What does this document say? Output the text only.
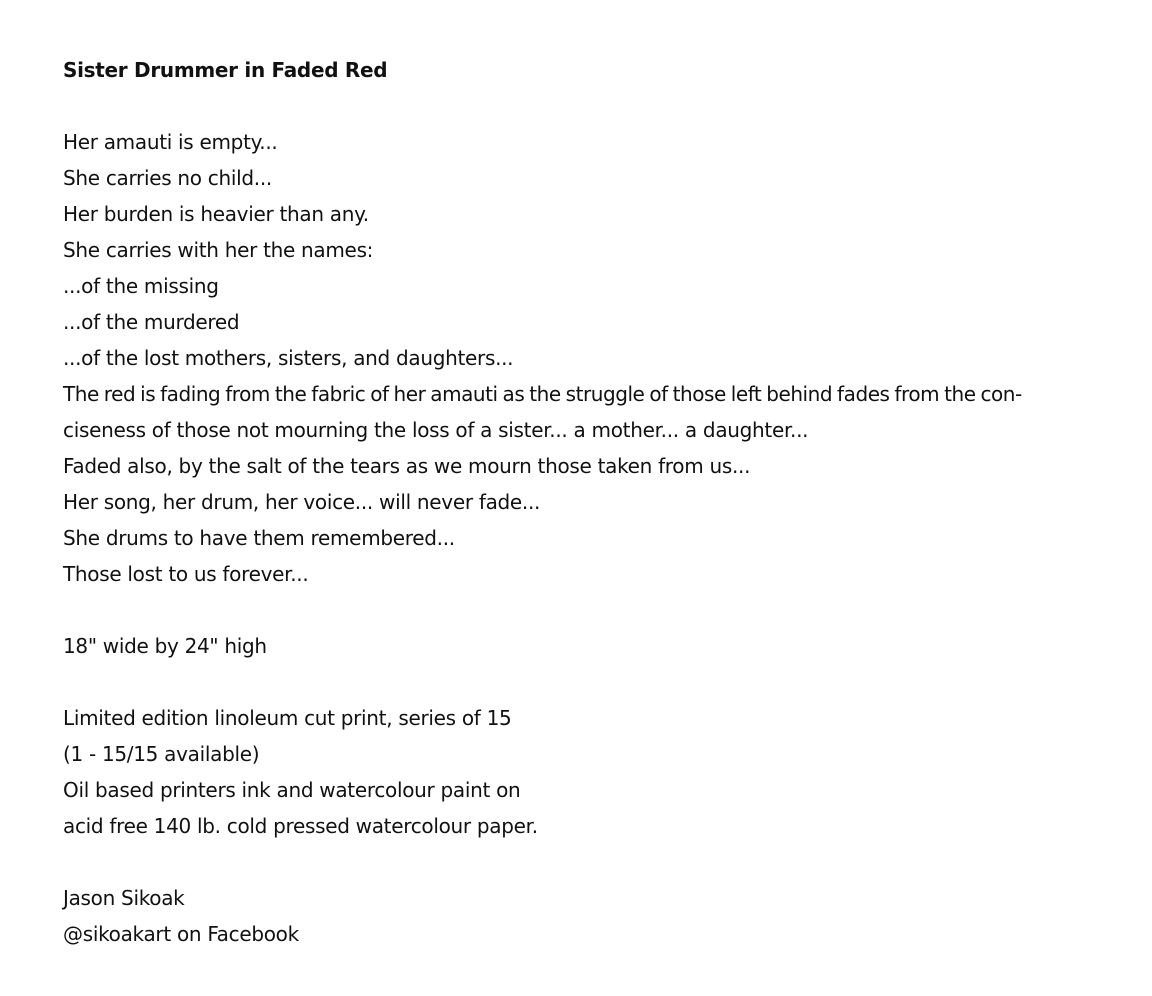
Sister Drummer in Faded Red
Her amauti is empty...
She carries no child...
Her burden is heavier than any.
She carries with her the names:
...of the missing
...of the murdered
...of the lost mothers, sisters, and daughters...
The red is fading from the fabric of her amauti as the struggle of those left behind fades from the con-
ciseness of those not mourning the loss of a sister... a mother... a daughter...
Faded also, by the salt of the tears as we mourn those taken from us...
Her song, her drum, her voice... will never fade...
She drums to have them remembered...
Those lost to us forever...
18" wide by 24" high
Limited edition linoleum cut print, series of 15
(1 - 15/15 available)
Oil based printers ink and watercolour paint on
acid free 140 lb. cold pressed watercolour paper.
Jason Sikoak
@sikoakart on Facebook
